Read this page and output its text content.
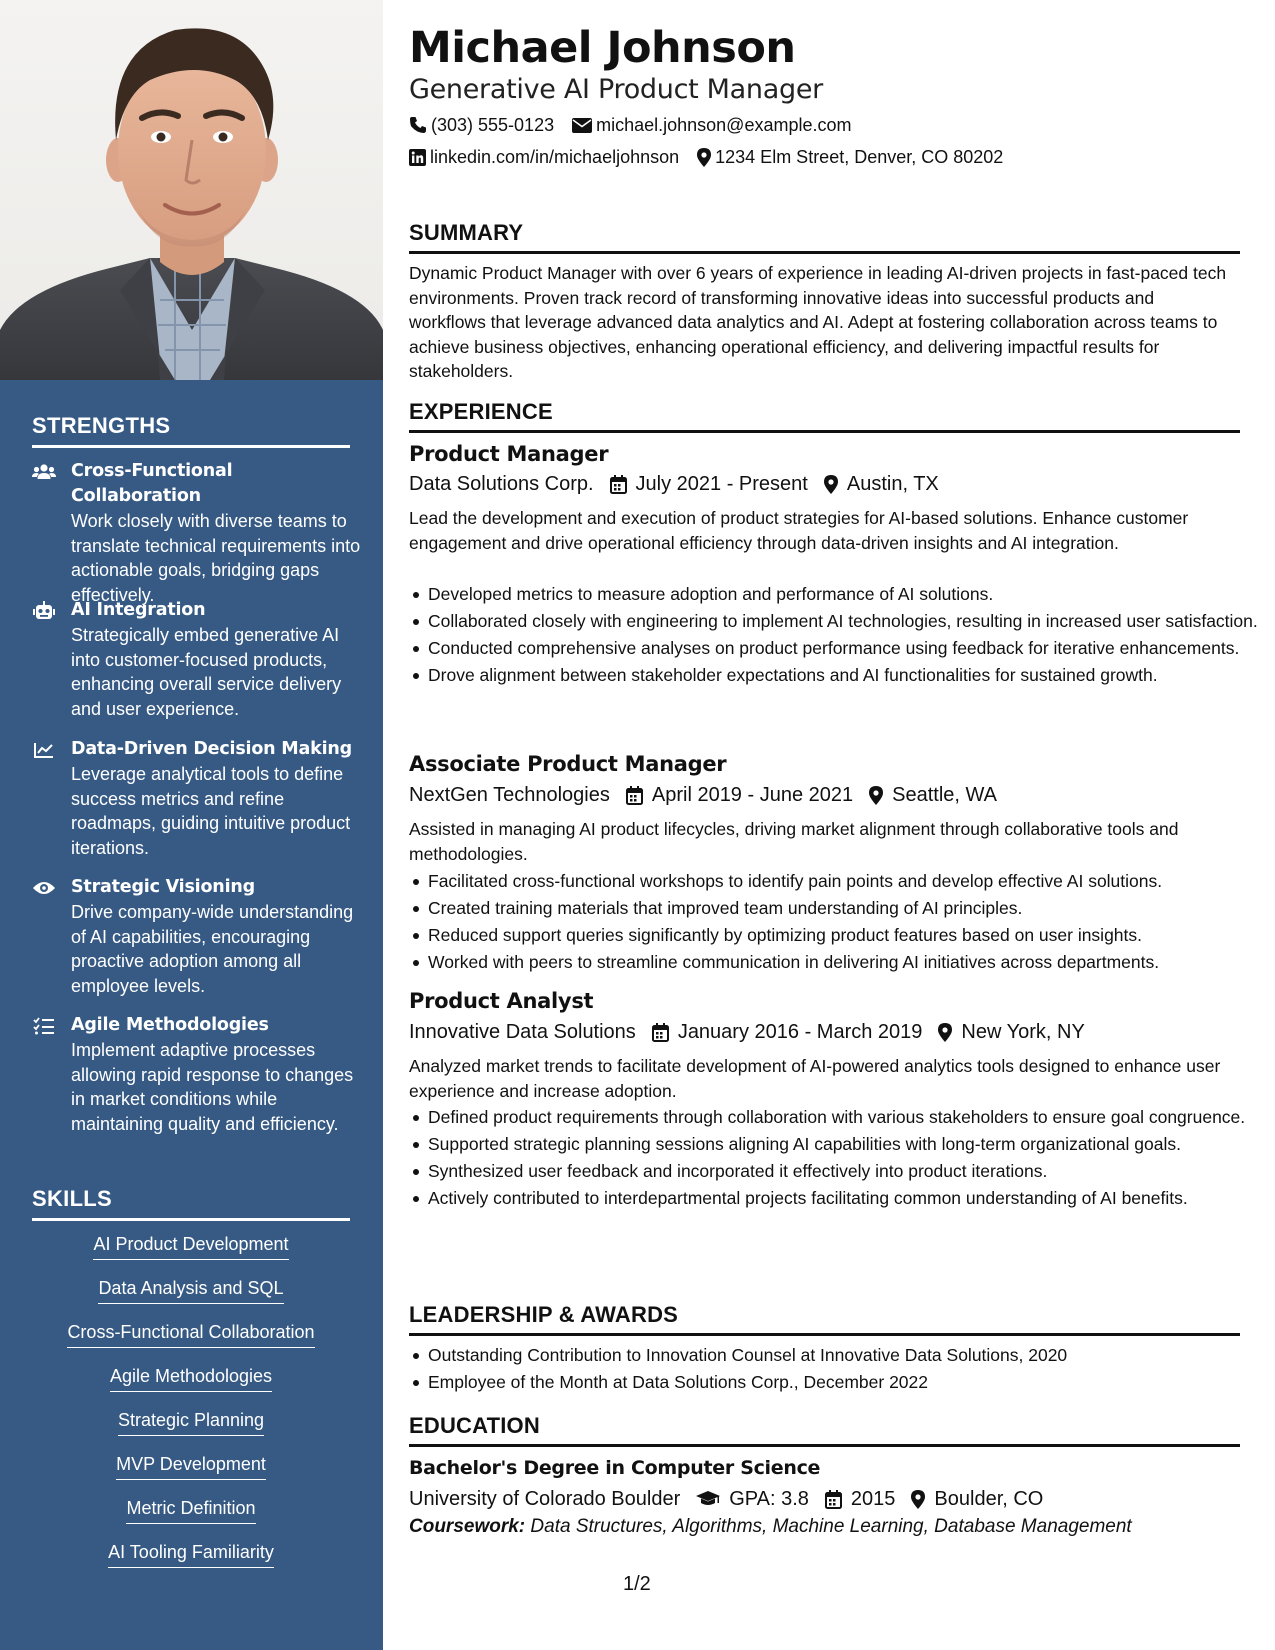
STRENGTHS
Cross-Functional Collaboration
Work closely with diverse teams to translate technical requirements into actionable goals, bridging gaps effectively.
AI Integration
Strategically embed generative AI into customer-focused products, enhancing overall service delivery and user experience.
Data-Driven Decision Making
Leverage analytical tools to define success metrics and refine roadmaps, guiding intuitive product iterations.
Strategic Visioning
Drive company-wide understanding of AI capabilities, encouraging proactive adoption among all employee levels.
Agile Methodologies
Implement adaptive processes allowing rapid response to changes in market conditions while maintaining quality and efficiency.
SKILLS
AI Product Development
Data Analysis and SQL
Cross-Functional Collaboration
Agile Methodologies
Strategic Planning
MVP Development
Metric Definition
AI Tooling Familiarity
Michael Johnson
Generative AI Product Manager
(303) 555-0123 michael.johnson@example.com
linkedin.com/in/michaeljohnson 1234 Elm Street, Denver, CO 80202
SUMMARY
Dynamic Product Manager with over 6 years of experience in leading AI-driven projects in fast-paced tech environments. Proven track record of transforming innovative ideas into successful products and workflows that leverage advanced data analytics and AI. Adept at fostering collaboration across teams to achieve business objectives, enhancing operational efficiency, and delivering impactful results for stakeholders.
EXPERIENCE
Product Manager
Data Solutions Corp. July 2021 - Present Austin, TX
Lead the development and execution of product strategies for AI-based solutions. Enhance customer engagement and drive operational efficiency through data-driven insights and AI integration.
Developed metrics to measure adoption and performance of AI solutions.
Collaborated closely with engineering to implement AI technologies, resulting in increased user satisfaction.
Conducted comprehensive analyses on product performance using feedback for iterative enhancements.
Drove alignment between stakeholder expectations and AI functionalities for sustained growth.
Associate Product Manager
NextGen Technologies April 2019 - June 2021 Seattle, WA
Assisted in managing AI product lifecycles, driving market alignment through collaborative tools and methodologies.
Facilitated cross-functional workshops to identify pain points and develop effective AI solutions.
Created training materials that improved team understanding of AI principles.
Reduced support queries significantly by optimizing product features based on user insights.
Worked with peers to streamline communication in delivering AI initiatives across departments.
Product Analyst
Innovative Data Solutions January 2016 - March 2019 New York, NY
Analyzed market trends to facilitate development of AI-powered analytics tools designed to enhance user experience and increase adoption.
Defined product requirements through collaboration with various stakeholders to ensure goal congruence.
Supported strategic planning sessions aligning AI capabilities with long-term organizational goals.
Synthesized user feedback and incorporated it effectively into product iterations.
Actively contributed to interdepartmental projects facilitating common understanding of AI benefits.
LEADERSHIP & AWARDS
Outstanding Contribution to Innovation Counsel at Innovative Data Solutions, 2020
Employee of the Month at Data Solutions Corp., December 2022
EDUCATION
Bachelor's Degree in Computer Science
University of Colorado Boulder GPA: 3.8 2015 Boulder, CO
Coursework: Data Structures, Algorithms, Machine Learning, Database Management
1/2
